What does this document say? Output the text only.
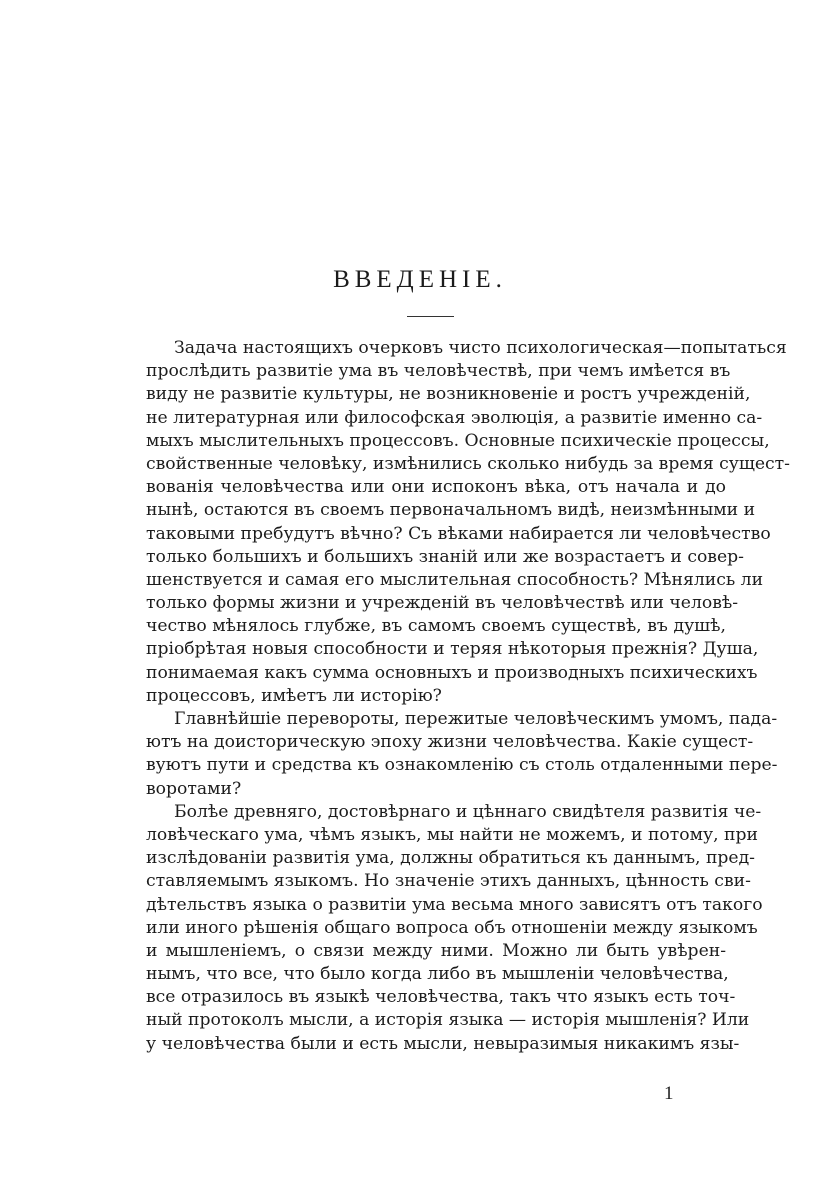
ВВЕДЕНІЕ.
Задача настоящихъ очерковъ чисто психологическая—попытаться
прослѣдить развитіе ума въ человѣчествѣ, при чемъ имѣется въ
виду не развитіе культуры, не возникновеніе и ростъ учрежденій,
не литературная или философская эволюція, а развитіе именно са-
мыхъ мыслительныхъ процессовъ. Основные психическіе процессы,
свойственные человѣку, измѣнились сколько нибудь за время сущест-
вованія человѣчества или они испоконъ вѣка, отъ начала и до
нынѣ, остаются въ своемъ первоначальномъ видѣ, неизмѣнными и
таковыми пребудутъ вѣчно? Съ вѣками набирается ли человѣчество
только большихъ и большихъ знаній или же возрастаетъ и совер-
шенствуется и самая его мыслительная способность? Мѣнялись ли
только формы жизни и учрежденій въ человѣчествѣ или человѣ-
чество мѣнялось глубже, въ самомъ своемъ существѣ, въ душѣ,
пріобрѣтая новыя способности и теряя нѣкоторыя прежнія? Душа,
понимаемая какъ сумма основныхъ и производныхъ психическихъ
процессовъ, имѣетъ ли исторію?
Главнѣйшіе перевороты, пережитые человѣческимъ умомъ, пада-
ютъ на доисторическую эпоху жизни человѣчества. Какіе сущест-
вуютъ пути и средства къ ознакомленію съ столь отдаленными пере-
воротами?
Болѣе древняго, достовѣрнаго и цѣннаго свидѣтеля развитія че-
ловѣческаго ума, чѣмъ языкъ, мы найти не можемъ, и потому, при
изслѣдованіи развитія ума, должны обратиться къ даннымъ, пред-
ставляемымъ языкомъ. Но значеніе этихъ данныхъ, цѣнность сви-
дѣтельствъ языка о развитіи ума весьма много зависятъ отъ такого
или иного рѣшенія общаго вопроса объ отношеніи между языкомъ
и мышленіемъ, о связи между ними. Можно ли быть увѣрен-
нымъ, что все, что было когда либо въ мышленіи человѣчества,
все отразилось въ языкѣ человѣчества, такъ что языкъ есть точ-
ный протоколъ мысли, а исторія языка — исторія мышленія? Или
у человѣчества были и есть мысли, невыразимыя никакимъ язы-
1
